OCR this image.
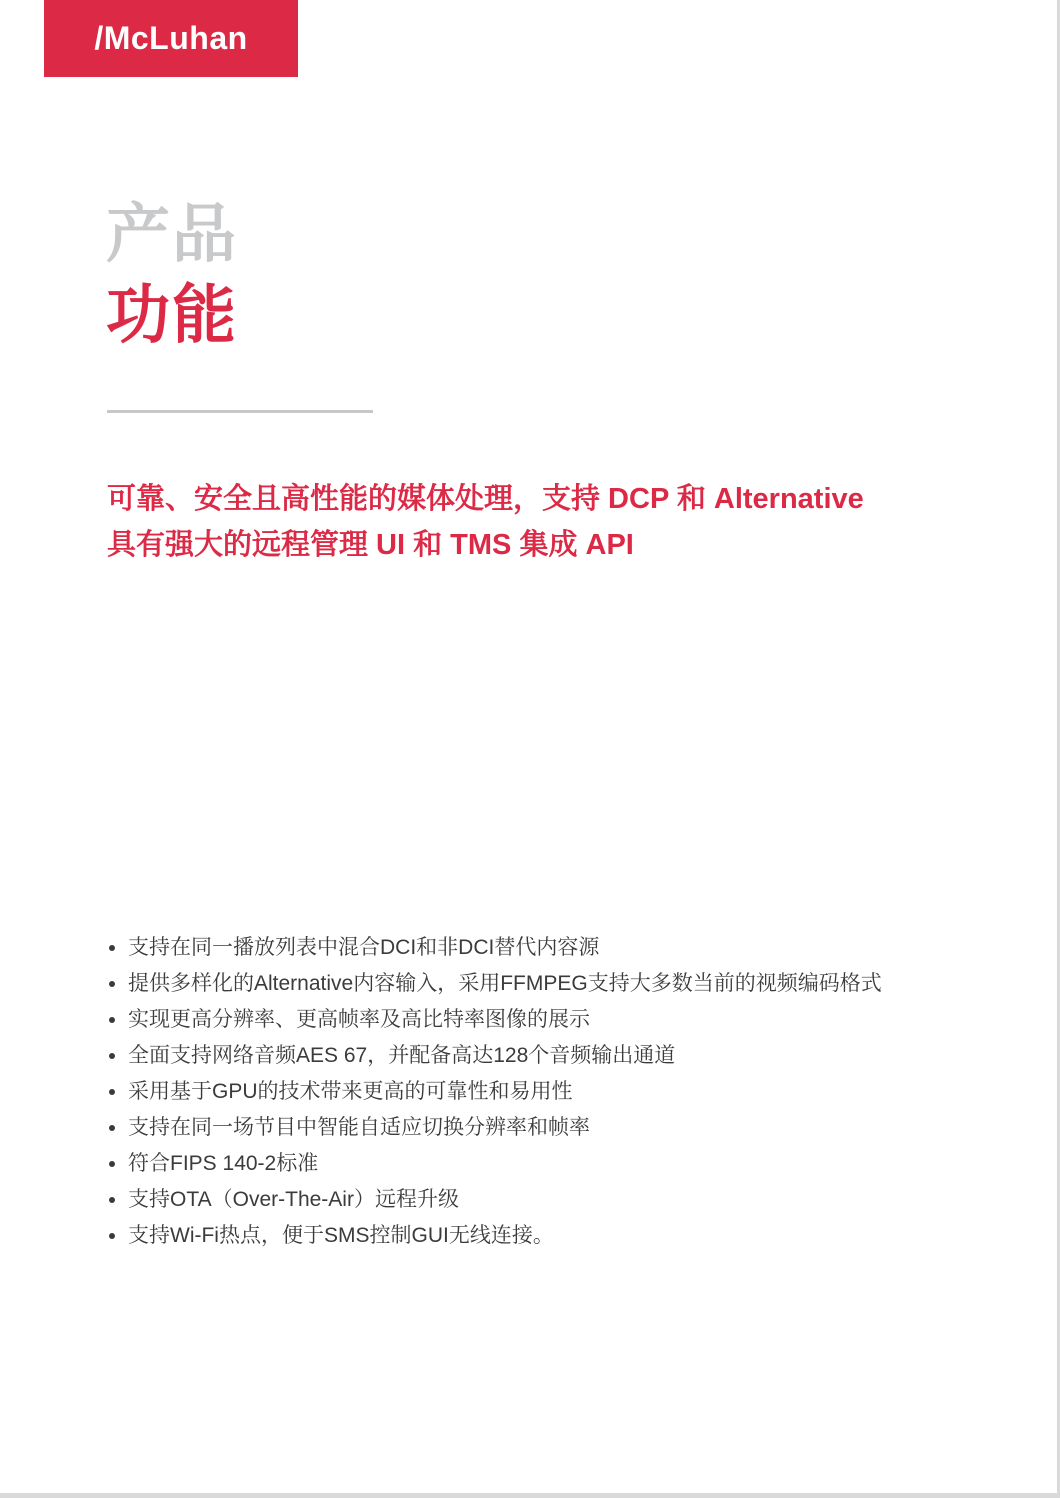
/McLuhan
产品
功能
可靠、安全且高性能的媒体处理，支持 DCP 和 Alternative
具有强大的远程管理 UI 和 TMS 集成 API
支持在同一播放列表中混合DCI和非DCI替代内容源
提供多样化的Alternative内容输入，采用FFMPEG支持大多数当前的视频编码格式
实现更高分辨率、更高帧率及高比特率图像的展示
全面支持网络音频AES 67，并配备高达128个音频输出通道
采用基于GPU的技术带来更高的可靠性和易用性
支持在同一场节目中智能自适应切换分辨率和帧率
符合FIPS 140-2标准
支持OTA（Over-The-Air）远程升级
支持Wi-Fi热点，便于SMS控制GUI无线连接。
